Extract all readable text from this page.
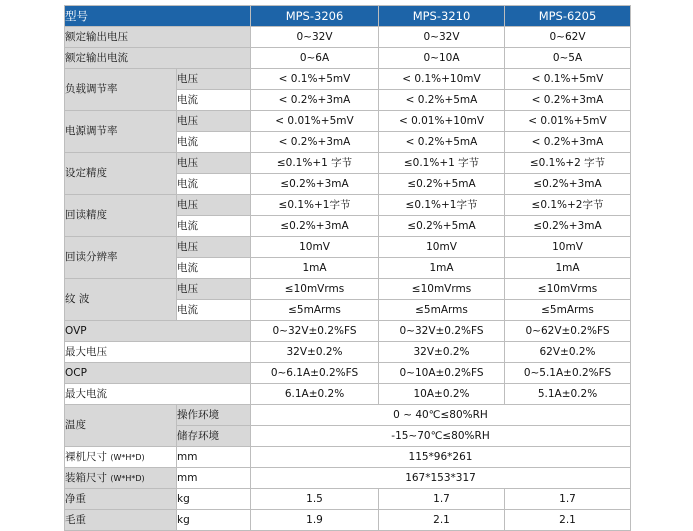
型号		MPS-3206	MPS-3210	MPS-6205
额定输出电压		0~32V	0~32V	0~62V
额定输出电流		0~6A	0~10A	0~5A
负载调节率	电压	< 0.1%+5mV	< 0.1%+10mV	< 0.1%+5mV
	电流	< 0.2%+3mA	< 0.2%+5mA	< 0.2%+3mA
电源调节率	电压	< 0.01%+5mV	< 0.01%+10mV	< 0.01%+5mV
	电流	< 0.2%+3mA	< 0.2%+5mA	< 0.2%+3mA
设定精度	电压	≤0.1%+1 字节	≤0.1%+1 字节	≤0.1%+2 字节
	电流	≤0.2%+3mA	≤0.2%+5mA	≤0.2%+3mA
回读精度	电压	≤0.1%+1字节	≤0.1%+1字节	≤0.1%+2字节
	电流	≤0.2%+3mA	≤0.2%+5mA	≤0.2%+3mA
回读分辨率	电压	10mV	10mV	10mV
	电流	1mA	1mA	1mA
纹 波	电压	≤10mVrms	≤10mVrms	≤10mVrms
	电流	≤5mArms	≤5mArms	≤5mArms
OVP		0~32V±0.2%FS	0~32V±0.2%FS	0~62V±0.2%FS
最大电压		32V±0.2%	32V±0.2%	62V±0.2%
OCP		0~6.1A±0.2%FS	0~10A±0.2%FS	0~5.1A±0.2%FS
最大电流		6.1A±0.2%	10A±0.2%	5.1A±0.2%
温度	操作环境	0 ~ 40℃≤80%RH		
	储存环境	-15~70℃≤80%RH		
裸机尺寸 (W*H*D)	mm	115*96*261		
装箱尺寸 (W*H*D)	mm	167*153*317		
净重	kg	1.5	1.7	1.7
毛重	kg	1.9	2.1	2.1
